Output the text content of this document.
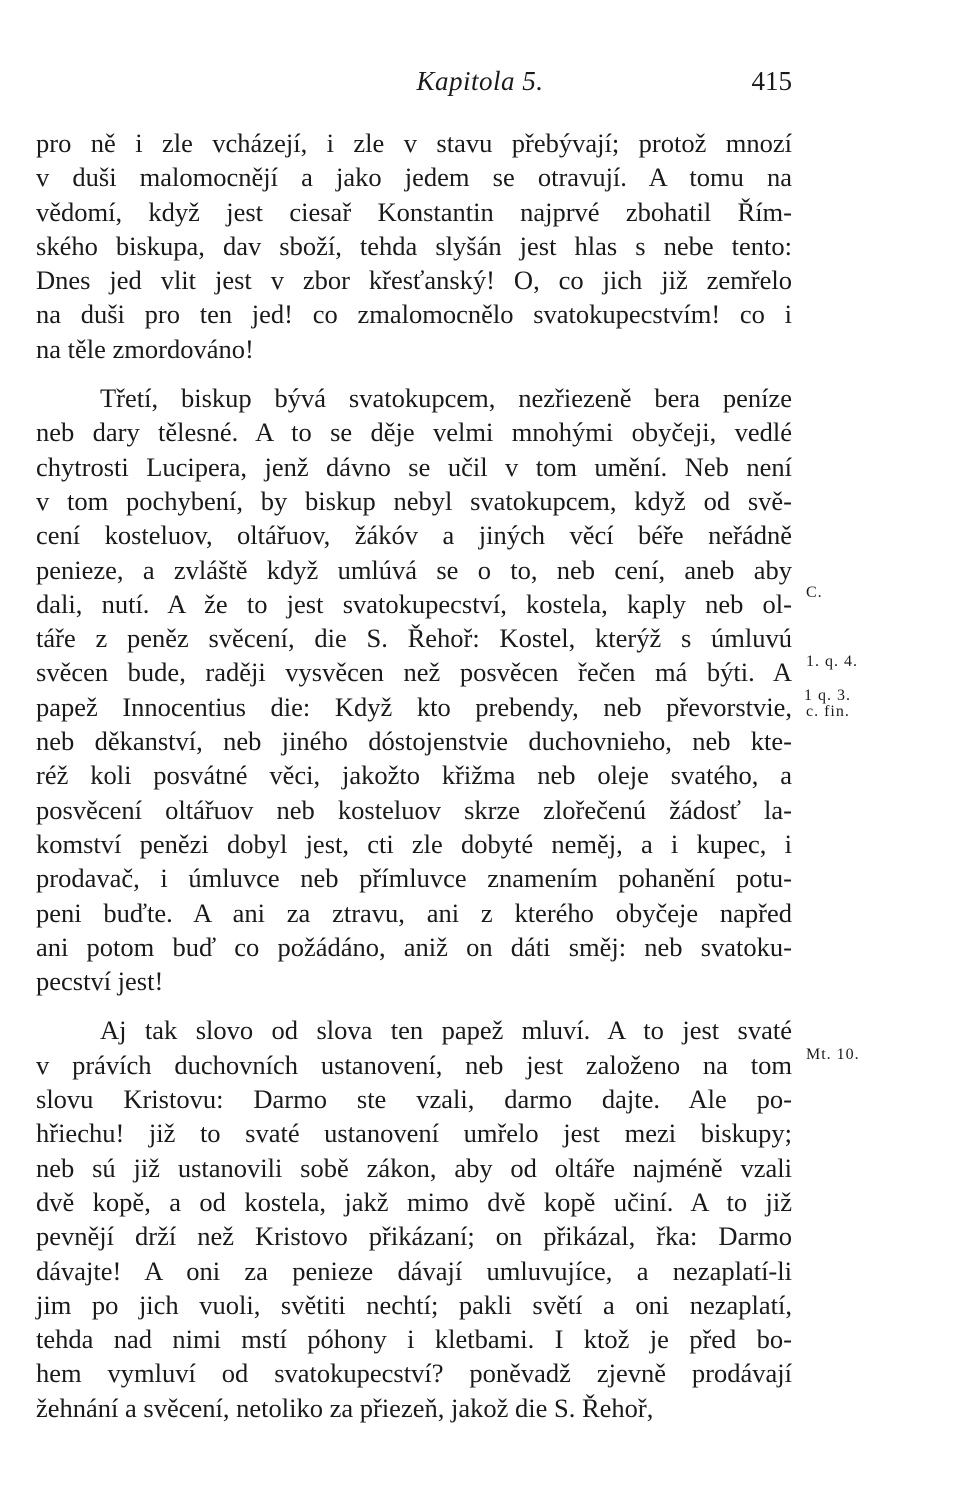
Kapitola 5.	415
pro ně i zle vcházejí, i zle v stavu přebývají; protož mnozí
v duši malomocnějí a jako jedem se otravují. A tomu na
vědomí, když jest ciesař Konstantin najprvé zbohatil Řím-
ského biskupa, dav sboží, tehda slyšán jest hlas s nebe tento:
Dnes jed vlit jest v zbor křesťanský! O, co jich již zemřelo
na duši pro ten jed! co zmalomocnělo svatokupecstvím! co i
na těle zmordováno!
Třetí, biskup bývá svatokupcem, nezřiezeně bera peníze
neb dary tělesné. A to se děje velmi mnohými obyčeji, vedlé
chytrosti Lucipera, jenž dávno se učil v tom umění. Neb není
v tom pochybení, by biskup nebyl svatokupcem, když od svě-
cení kosteluov, oltářuov, žákóv a jiných věcí béře neřádně
penieze, a zvláště když umlúvá se o to, neb cení, aneb aby
dali, nutí. A že to jest svatokupecství, kostela, kaply neb ol-
táře z peněz svěcení, die S. Řehoř: Kostel, kterýž s úmluvú
svěcen bude, raději vysvěcen než posvěcen řečen má býti. A
papež Innocentius die: Když kto prebendy, neb převorstvie,
neb děkanství, neb jiného dóstojenstvie duchovnieho, neb kte-
réž koli posvátné věci, jakožto křižma neb oleje svatého, a
posvěcení oltářuov neb kosteluov skrze zlořečenú žádosť la-
komství penězi dobyl jest, cti zle dobyté neměj, a i kupec, i
prodavač, i úmluvce neb přímluvce znamením pohanění potu-
peni buďte. A ani za ztravu, ani z kterého obyčeje napřed
ani potom buď co požádáno, aniž on dáti směj: neb svatoku-
pecství jest!
Aj tak slovo od slova ten papež mluví. A to jest svaté
v právích duchovních ustanovení, neb jest založeno na tom
slovu Kristovu: Darmo ste vzali, darmo dajte. Ale po-
hřiechu! již to svaté ustanovení umřelo jest mezi biskupy;
neb sú již ustanovili sobě zákon, aby od oltáře najméně vzali
dvě kopě, a od kostela, jakž mimo dvě kopě učiní. A to již
pevnějí drží než Kristovo přikázaní; on přikázal, řka: Darmo
dávajte! A oni za penieze dávají umluvujíce, a nezaplatí-li
jim po jich vuoli, světiti nechtí; pakli světí a oni nezaplatí,
tehda nad nimi mstí póhony i kletbami. I ktož je před bo-
hem vymluví od svatokupecství? poněvadž zjevně prodávají
žehnání a svěcení, netoliko za přiezeň, jakož die S. Řehoř,
C.
1. q. 4.
1 q. 3.
c. fin.
Mt. 10.
